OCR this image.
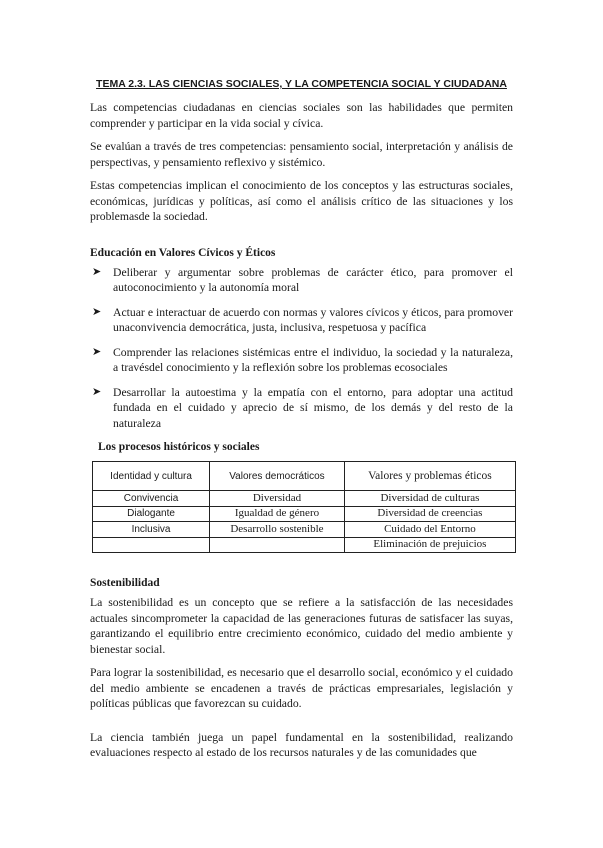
TEMA 2.3. LAS CIENCIAS SOCIALES, Y LA COMPETENCIA SOCIAL Y CIUDADANA

Las competencias ciudadanas en ciencias sociales son las habilidades que permiten comprender y participar en la vida social y cívica.

Se evalúan a través de tres competencias: pensamiento social, interpretación y análisis de perspectivas, y pensamiento reflexivo y sistémico.

Estas competencias implican el conocimiento de los conceptos y las estructuras sociales, económicas, jurídicas y políticas, así como el análisis crítico de las situaciones y los problemasde la sociedad.

Educación en Valores Cívicos y Éticos
➤ Deliberar y argumentar sobre problemas de carácter ético, para promover el autoconocimiento y la autonomía moral
➤ Actuar e interactuar de acuerdo con normas y valores cívicos y éticos, para promover unaconvivencia democrática, justa, inclusiva, respetuosa y pacífica
➤ Comprender las relaciones sistémicas entre el individuo, la sociedad y la naturaleza, a travésdel conocimiento y la reflexión sobre los problemas ecosociales
➤ Desarrollar la autoestima y la empatía con el entorno, para adoptar una actitud fundada en el cuidado y aprecio de sí mismo, de los demás y del resto de la naturaleza
Los procesos históricos y sociales
Identidad y cultura	Valores democráticos	Valores y problemas éticos
Convivencia	Diversidad	Diversidad de culturas
Dialogante	Igualdad de género	Diversidad de creencias
Inclusiva	Desarrollo sostenible	Cuidado del Entorno
		Eliminación de prejuicios
Sostenibilidad

La sostenibilidad es un concepto que se refiere a la satisfacción de las necesidades actuales sincomprometer la capacidad de las generaciones futuras de satisfacer las suyas, garantizando el equilibrio entre crecimiento económico, cuidado del medio ambiente y bienestar social.

Para lograr la sostenibilidad, es necesario que el desarrollo social, económico y el cuidado del medio ambiente se encadenen a través de prácticas empresariales, legislación y políticas públicas que favorezcan su cuidado.

La ciencia también juega un papel fundamental en la sostenibilidad, realizando evaluaciones respecto al estado de los recursos naturales y de las comunidades que
